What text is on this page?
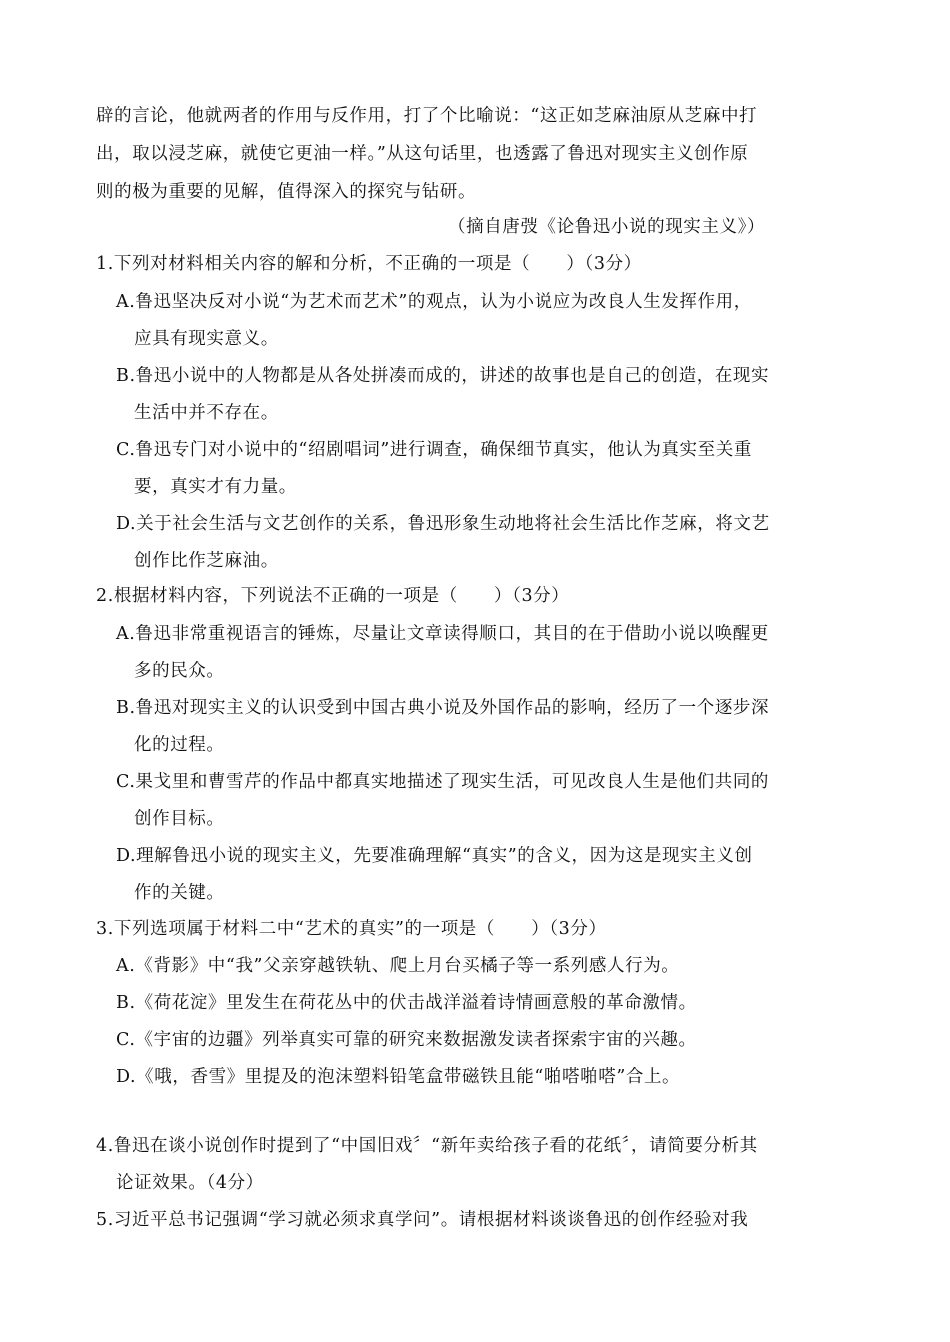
辟的言论，他就两者的作用与反作用，打了个比喻说：“这正如芝麻油原从芝麻中打
出，取以浸芝麻，就使它更油一样。”从这句话里，也透露了鲁迅对现实主义创作原
则的极为重要的见解，值得深入的探究与钻研。
（摘自唐弢《论鲁迅小说的现实主义》）
1.下列对材料相关内容的解和分析，不正确的一项是（　　）（3分）
A.鲁迅坚决反对小说“为艺术而艺术”的观点，认为小说应为改良人生发挥作用，
应具有现实意义。
B.鲁迅小说中的人物都是从各处拼凑而成的，讲述的故事也是自己的创造，在现实
生活中并不存在。
C.鲁迅专门对小说中的“绍剧唱词”进行调查，确保细节真实，他认为真实至关重
要，真实才有力量。
D.关于社会生活与文艺创作的关系，鲁迅形象生动地将社会生活比作芝麻，将文艺
创作比作芝麻油。
2.根据材料内容，下列说法不正确的一项是（　　）（3分）
A.鲁迅非常重视语言的锤炼，尽量让文章读得顺口，其目的在于借助小说以唤醒更
多的民众。
B.鲁迅对现实主义的认识受到中国古典小说及外国作品的影响，经历了一个逐步深
化的过程。
C.果戈里和曹雪芹的作品中都真实地描述了现实生活，可见改良人生是他们共同的
创作目标。
D.理解鲁迅小说的现实主义，先要准确理解“真实”的含义，因为这是现实主义创
作的关键。
3.下列选项属于材料二中“艺术的真实”的一项是（　　）（3分）
A.《背影》中“我”父亲穿越铁轨、爬上月台买橘子等一系列感人行为。
B.《荷花淀》里发生在荷花丛中的伏击战洋溢着诗情画意般的革命激情。
C.《宇宙的边疆》列举真实可靠的研究来数据激发读者探索宇宙的兴趣。
D.《哦，香雪》里提及的泡沫塑料铅笔盒带磁铁且能“啪嗒啪嗒”合上。
4.鲁迅在谈小说创作时提到了“中国旧戏〞“新年卖给孩子看的花纸〞，请简要分析其
论证效果。（4分）
5.习近平总书记强调“学习就必须求真学问”。请根据材料谈谈鲁迅的创作经验对我
